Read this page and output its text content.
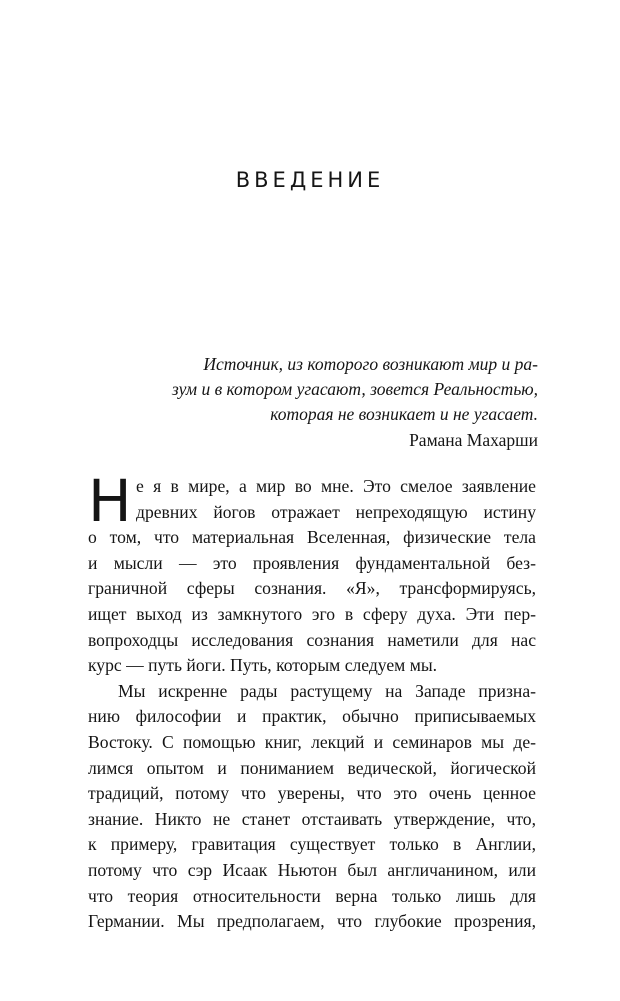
ВВЕДЕНИЕ
Источник, из которого возникают мир и ра-
зум и в котором угасают, зовется Реальностью,
которая не возникает и не угасает.
Рамана Махарши
Н е я в мире, а мир во мне. Это смелое заявление
древних йогов отражает непреходящую истину
о том, что материальная Вселенная, физические тела
и мысли — это проявления фундаментальной без-
граничной сферы сознания. «Я», трансформируясь,
ищет выход из замкнутого эго в сферу духа. Эти пер-
вопроходцы исследования сознания наметили для нас
курс — путь йоги. Путь, которым следуем мы.
Мы искренне рады растущему на Западе призна-
нию философии и практик, обычно приписываемых
Востоку. С помощью книг, лекций и семинаров мы де-
лимся опытом и пониманием ведической, йогической
традиций, потому что уверены, что это очень ценное
знание. Никто не станет отстаивать утверждение, что,
к примеру, гравитация существует только в Англии,
потому что сэр Исаак Ньютон был англичанином, или
что теория относительности верна только лишь для
Германии. Мы предполагаем, что глубокие прозрения,
